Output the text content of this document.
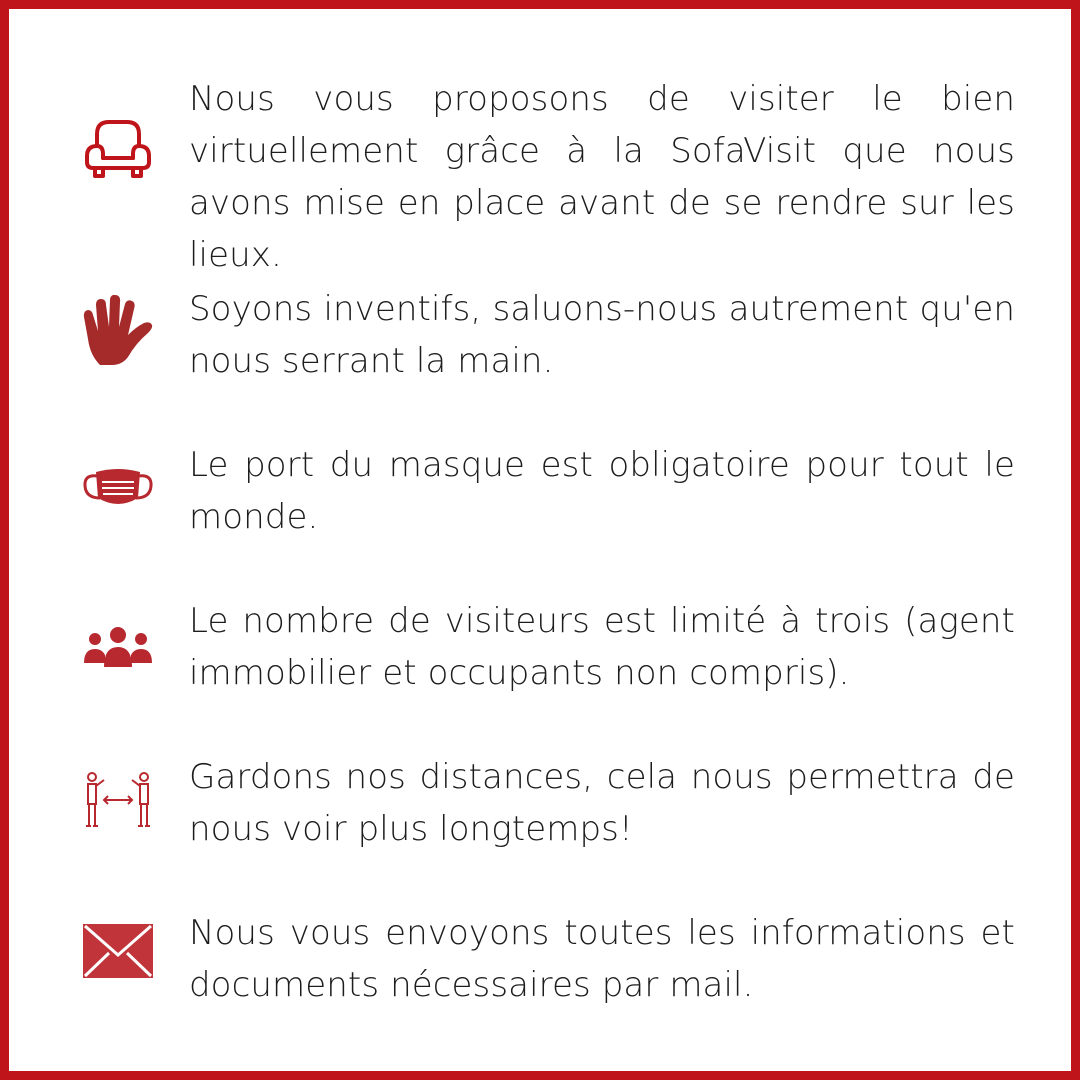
Nous vous proposons de visiter le bien virtuellement grâce à la SofaVisit que nous avons mise en place avant de se rendre sur les lieux.
Soyons inventifs, saluons-nous autrement qu'en nous serrant la main.
Le port du masque est obligatoire pour tout le monde.
Le nombre de visiteurs est limité à trois (agent immobilier et occupants non compris).
Gardons nos distances, cela nous permettra de nous voir plus longtemps!
Nous vous envoyons toutes les informations et documents nécessaires par mail.
